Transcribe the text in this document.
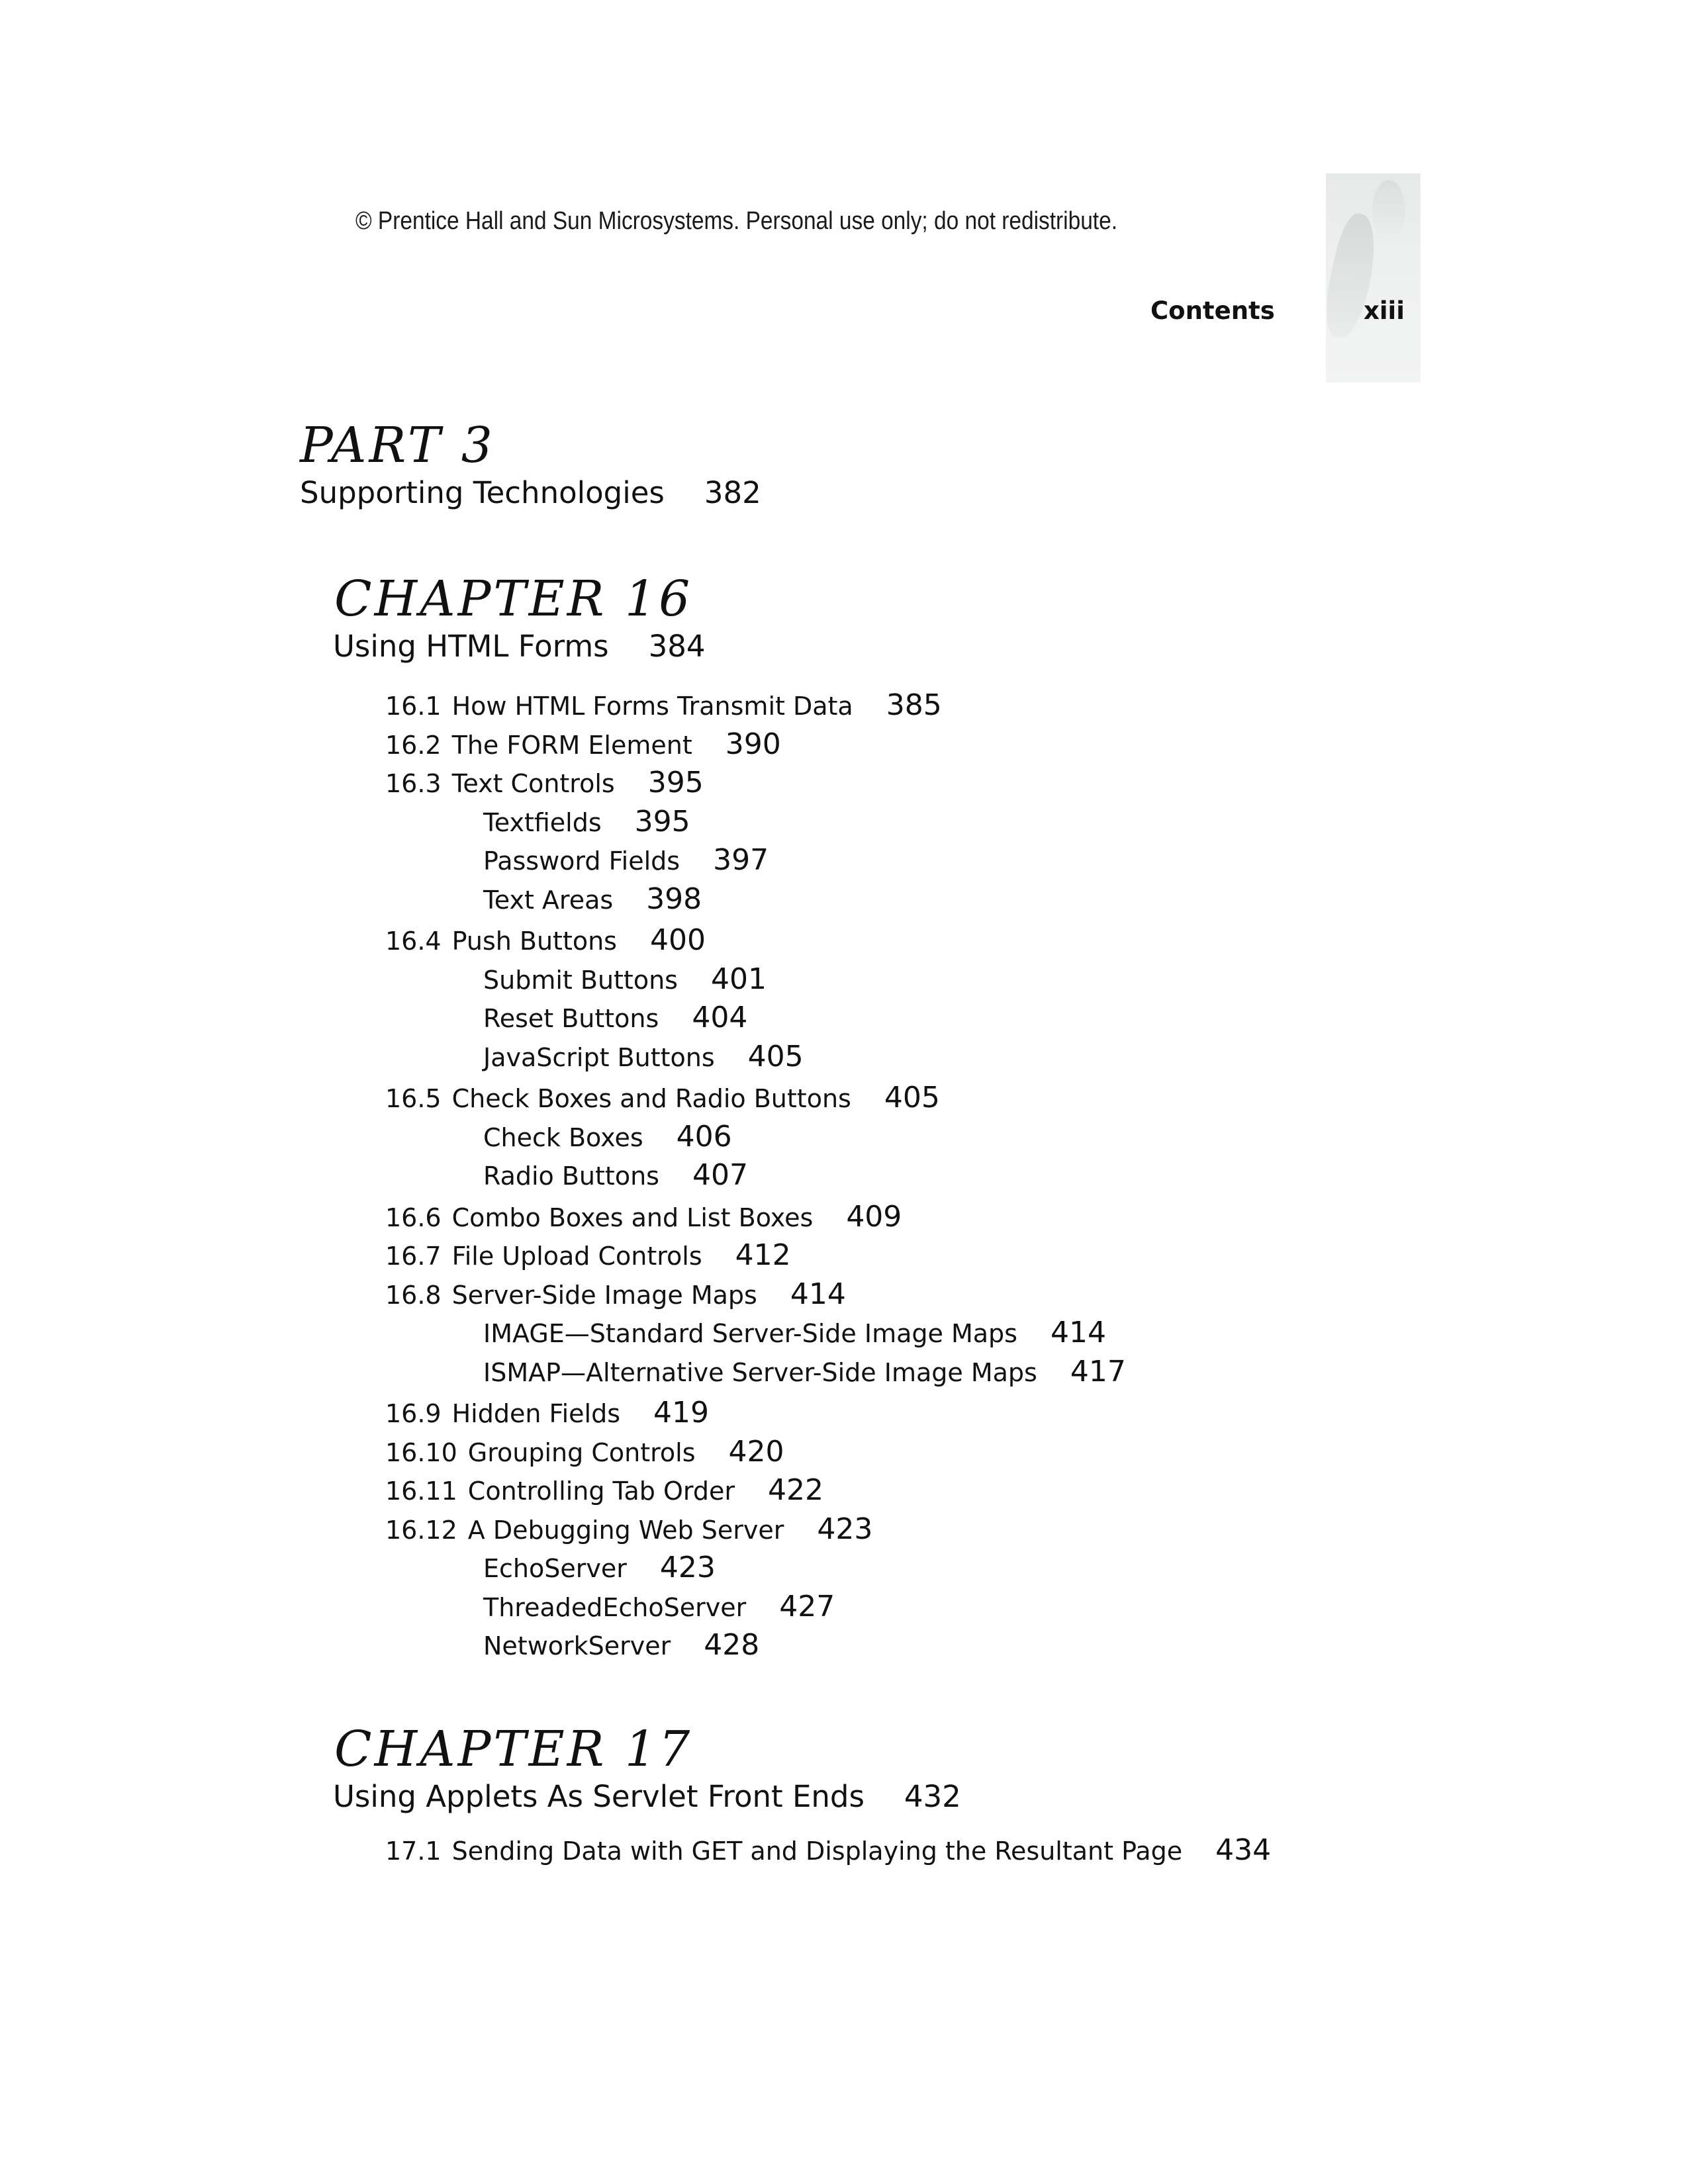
© Prentice Hall and Sun Microsystems. Personal use only; do not redistribute.
Contents	xiii
PART 3
Supporting Technologies 382
CHAPTER 16
Using HTML Forms 384
16.1 How HTML Forms Transmit Data 385
16.2 The FORM Element 390
16.3 Text Controls 395
Textfields 395
Password Fields 397
Text Areas 398
16.4 Push Buttons 400
Submit Buttons 401
Reset Buttons 404
JavaScript Buttons 405
16.5 Check Boxes and Radio Buttons 405
Check Boxes 406
Radio Buttons 407
16.6 Combo Boxes and List Boxes 409
16.7 File Upload Controls 412
16.8 Server-Side Image Maps 414
IMAGE—Standard Server-Side Image Maps 414
ISMAP—Alternative Server-Side Image Maps 417
16.9 Hidden Fields 419
16.10 Grouping Controls 420
16.11 Controlling Tab Order 422
16.12 A Debugging Web Server 423
EchoServer 423
ThreadedEchoServer 427
NetworkServer 428
CHAPTER 17
Using Applets As Servlet Front Ends 432
17.1 Sending Data with GET and Displaying the Resultant Page 434
